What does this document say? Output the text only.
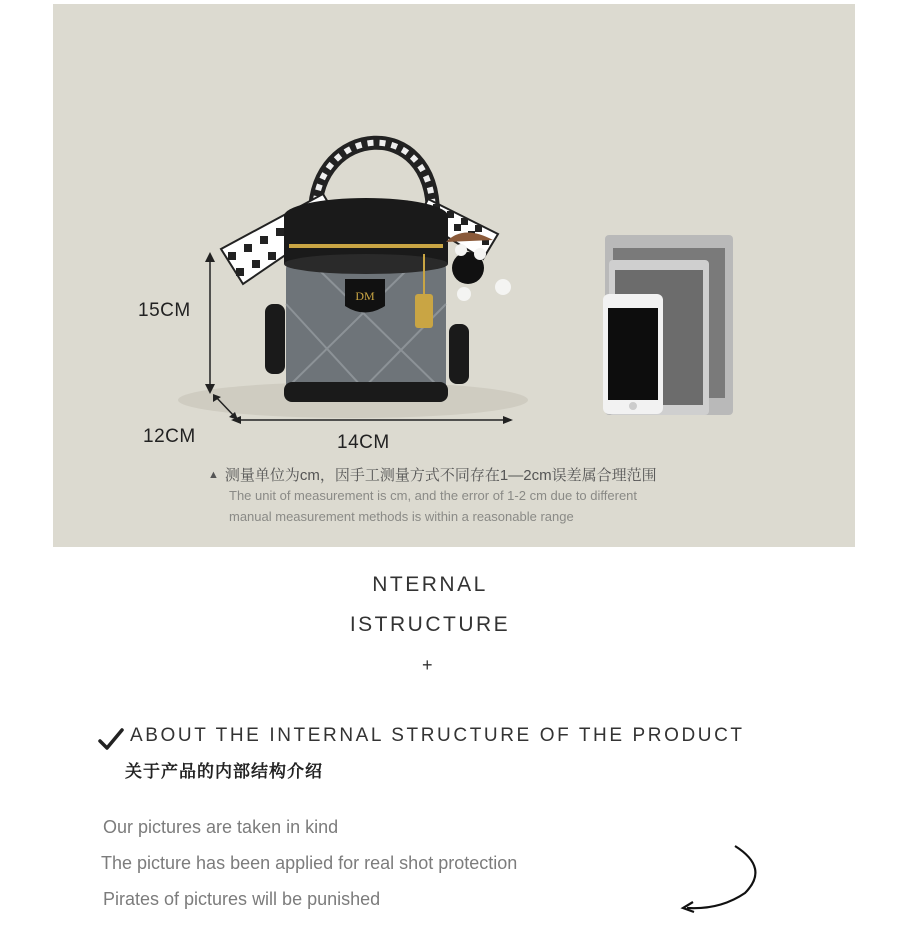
DM
15CM
12CM	14CM
▲ 测量单位为cm，因手工测量方式不同存在1—2cm误差属合理范围
The unit of measurement is cm, and the error of 1-2 cm due to different
manual measurement methods is within a reasonable range
NTERNAL
ISTRUCTURE
+
ABOUT THE INTERNAL STRUCTURE OF THE PRODUCT
关于产品的内部结构介绍
Our pictures are taken in kind
The picture has been applied for real shot protection
Pirates of pictures will be punished
